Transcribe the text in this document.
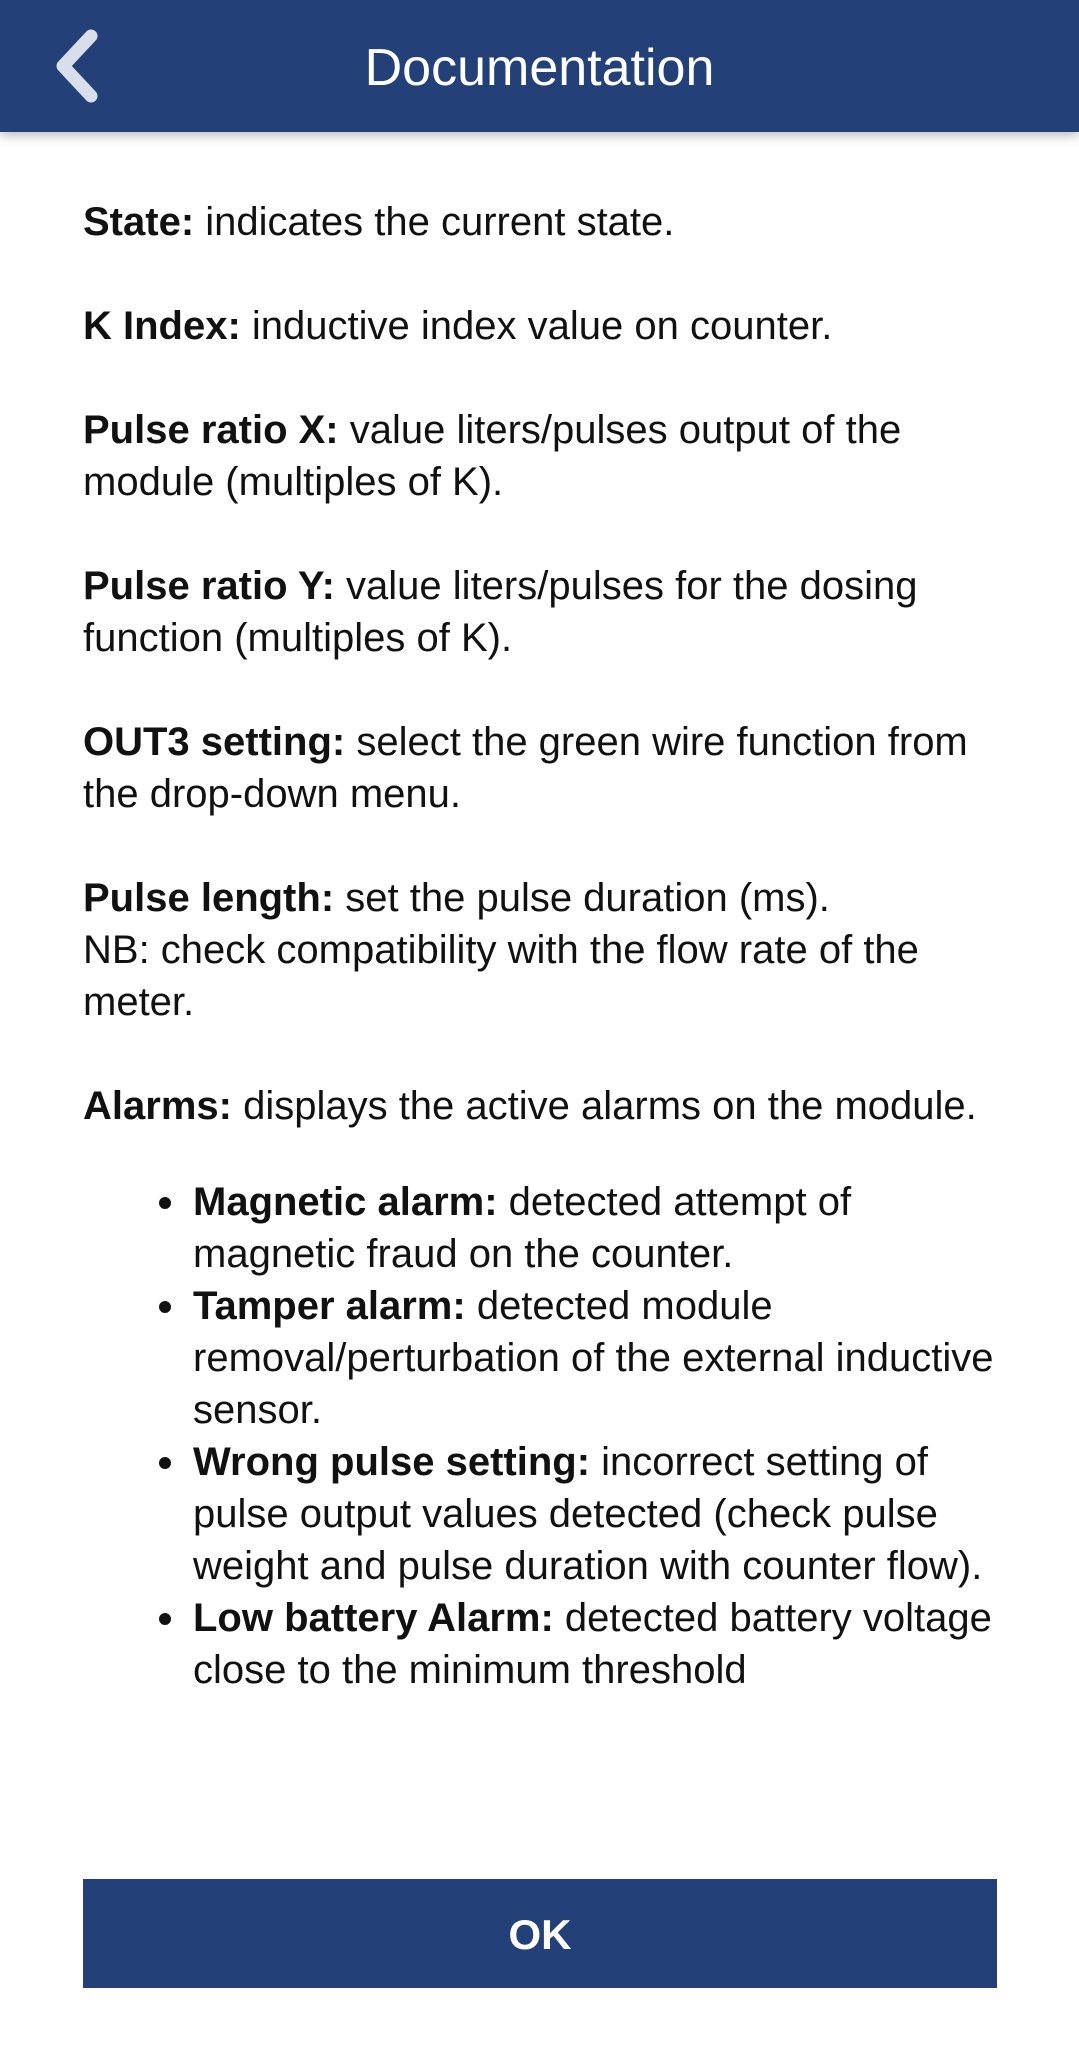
Documentation

State: indicates the current state.

K Index: inductive index value on counter.

Pulse ratio X: value liters/pulses output of the module (multiples of K).

Pulse ratio Y: value liters/pulses for the dosing function (multiples of K).

OUT3 setting: select the green wire function from the drop-down menu.

Pulse length: set the pulse duration (ms).
NB: check compatibility with the flow rate of the meter.

Alarms: displays the active alarms on the module.

Magnetic alarm: detected attempt of magnetic fraud on the counter.
Tamper alarm: detected module removal/perturbation of the external inductive sensor.
Wrong pulse setting: incorrect setting of pulse output values detected (check pulse weight and pulse duration with counter flow).
Low battery Alarm: detected battery voltage close to the minimum threshold
OK
